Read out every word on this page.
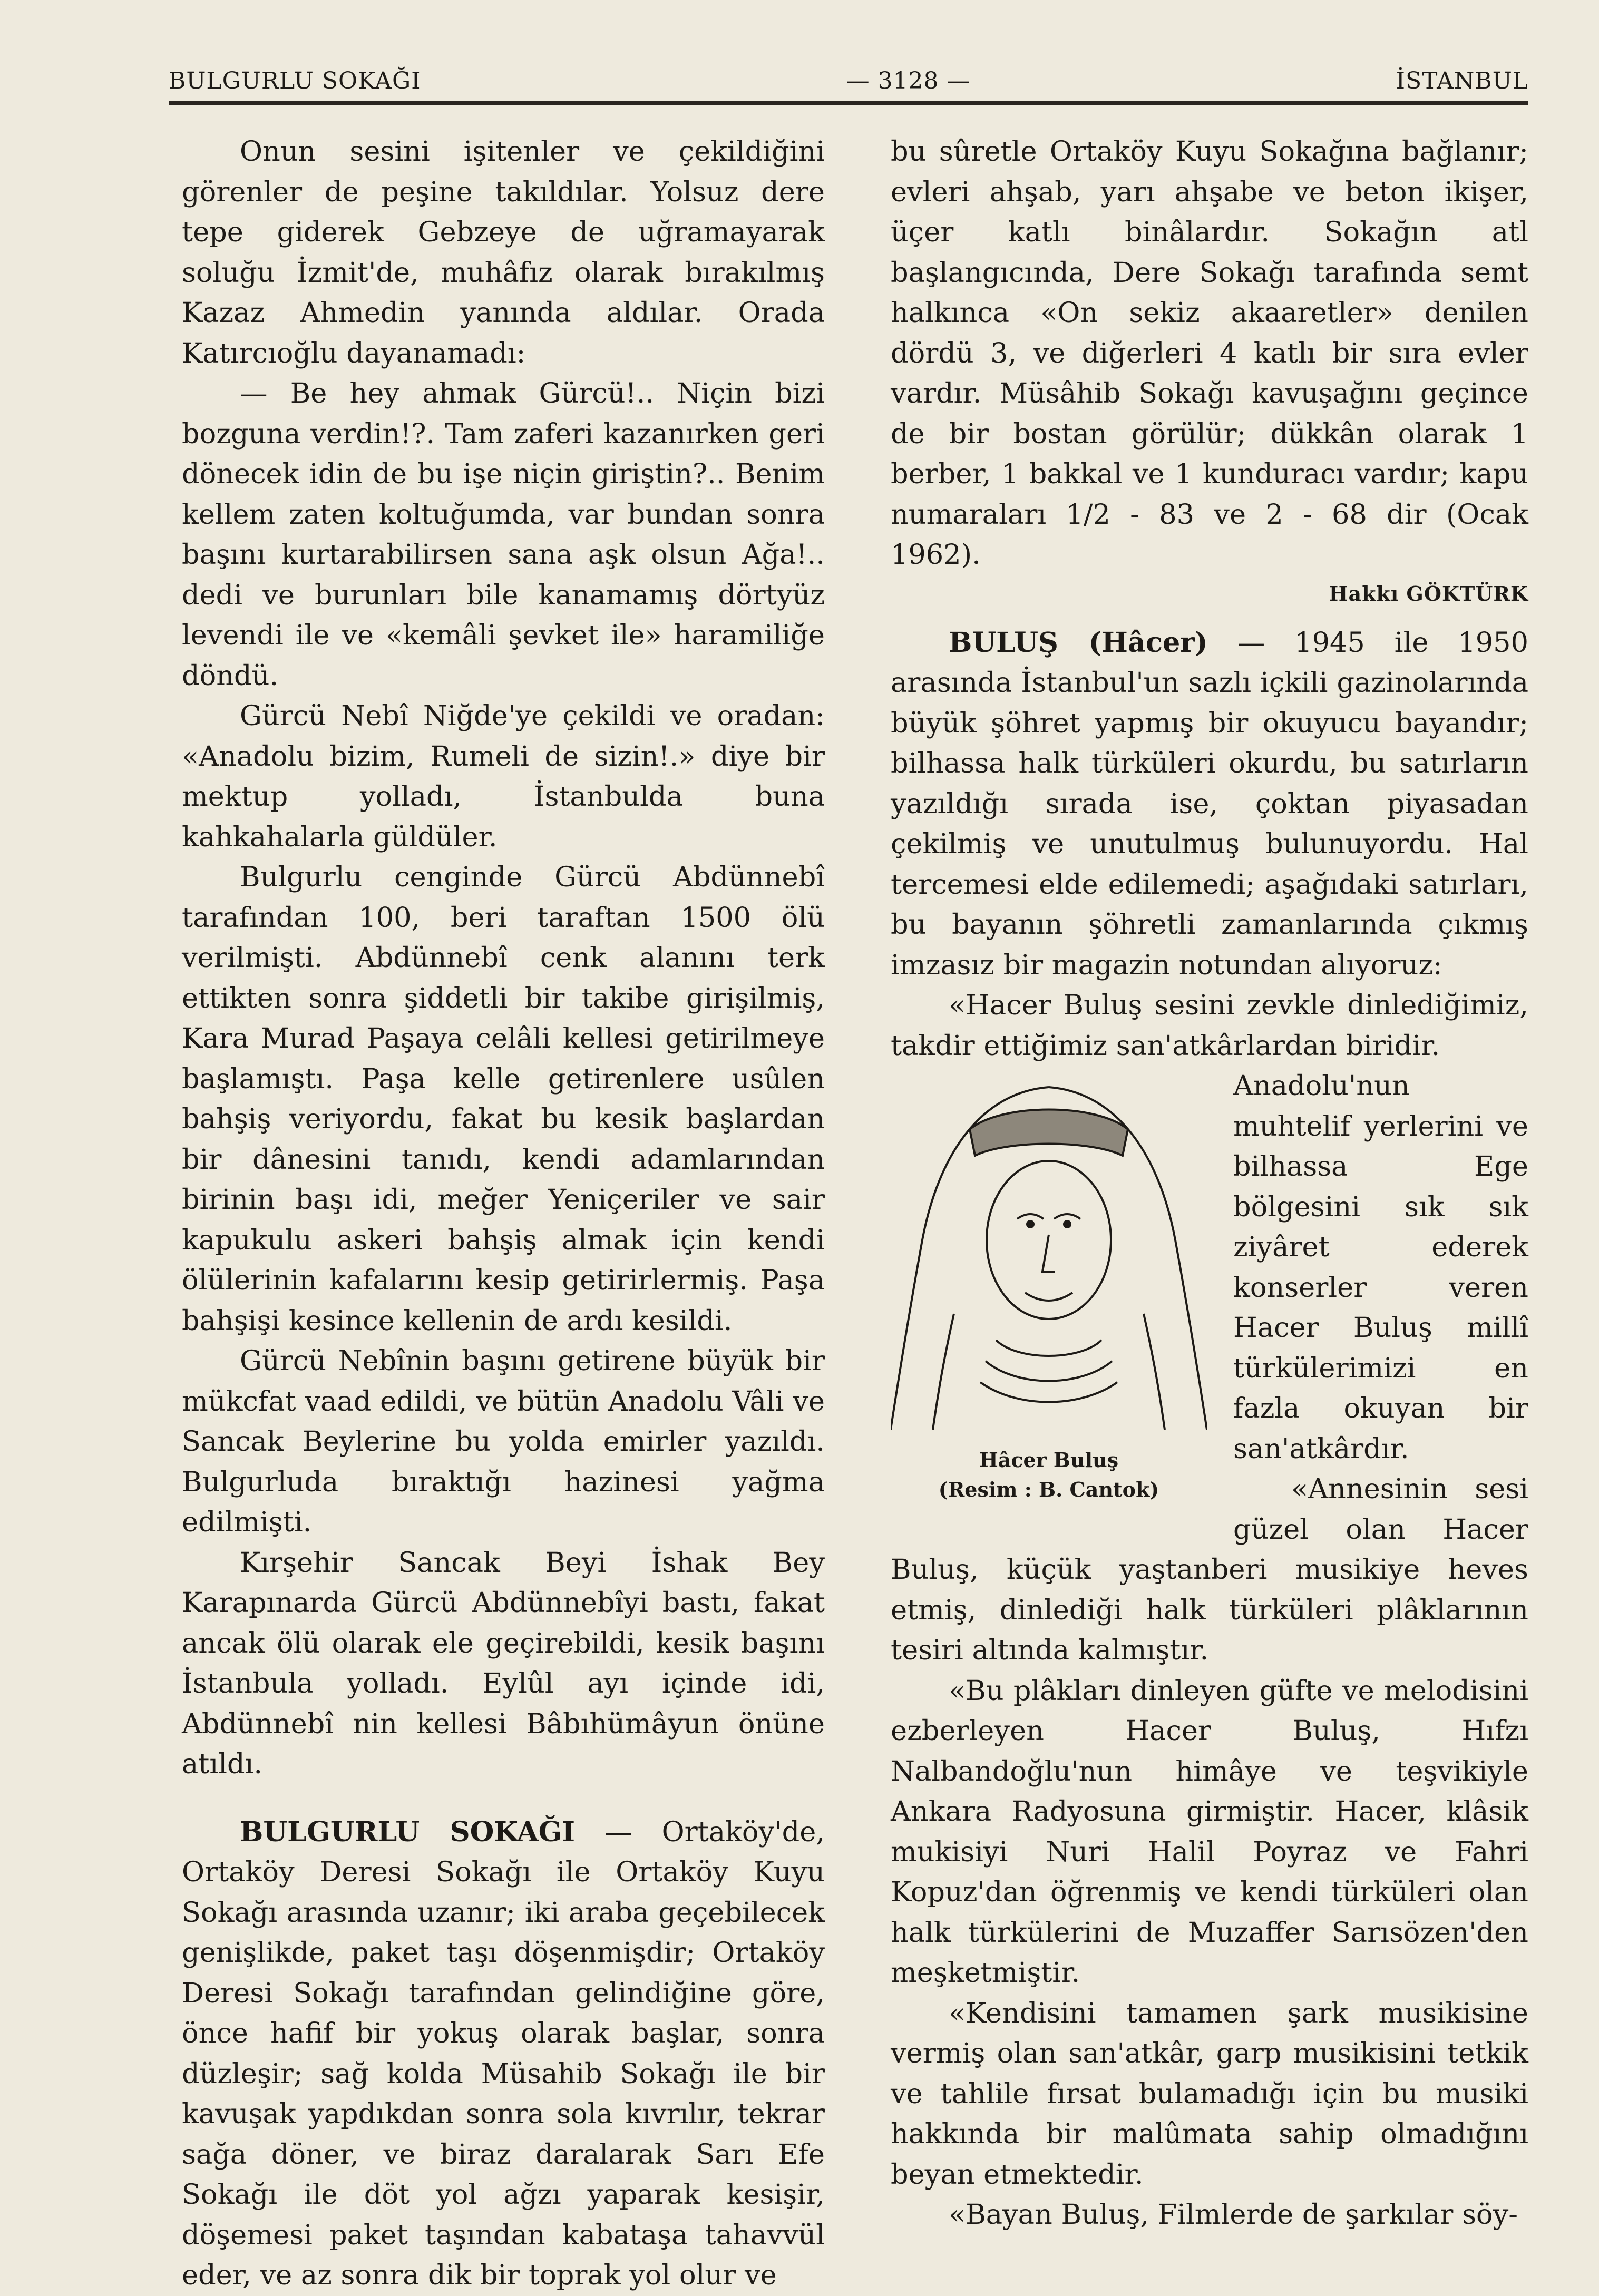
BULGURLU SOKAĞI	— 3128 —	İSTANBUL

Onun sesini işitenler ve çekildiğini görenler de peşine takıldılar. Yolsuz dere tepe giderek Gebzeye de uğramayarak soluğu İzmit'de, muhâfız olarak bırakılmış Kazaz Ahmedin yanında aldılar. Orada Katırcıoğlu dayanamadı:

— Be hey ahmak Gürcü!.. Niçin bizi bozguna verdin!?. Tam zaferi kazanırken geri dönecek idin de bu işe niçin giriştin?.. Benim kellem zaten koltuğumda, var bundan sonra başını kurtarabilirsen sana aşk olsun Ağa!.. dedi ve burunları bile kanamamış dörtyüz levendi ile ve «kemâli şevket ile» haramiliğe döndü.

Gürcü Nebî Niğde'ye çekildi ve oradan: «Anadolu bizim, Rumeli de sizin!.» diye bir mektup yolladı, İstanbulda buna kahkahalarla güldüler.

Bulgurlu cenginde Gürcü Abdünnebî tarafından 100, beri taraftan 1500 ölü verilmişti. Abdünnebî cenk alanını terk ettikten sonra şiddetli bir takibe girişilmiş, Kara Murad Paşaya celâli kellesi getirilmeye başlamıştı. Paşa kelle getirenlere usûlen bahşiş veriyordu, fakat bu kesik başlardan bir dânesini tanıdı, kendi adamlarından birinin başı idi, meğer Yeniçeriler ve sair kapukulu askeri bahşiş almak için kendi ölülerinin kafalarını kesip getirirlermiş. Paşa bahşişi kesince kellenin de ardı kesildi.

Gürcü Nebînin başını getirene büyük bir mükcfat vaad edildi, ve bütün Anadolu Vâli ve Sancak Beylerine bu yolda emirler yazıldı. Bulgurluda bıraktığı hazinesi yağma edilmişti.

Kırşehir Sancak Beyi İshak Bey Karapınarda Gürcü Abdünnebîyi bastı, fakat ancak ölü olarak ele geçirebildi, kesik başını İstanbula yolladı. Eylûl ayı içinde idi, Abdünnebî nin kellesi Bâbıhümâyun önüne atıldı.

BULGURLU SOKAĞI — Ortaköy'de, Ortaköy Deresi Sokağı ile Ortaköy Kuyu Sokağı arasında uzanır; iki araba geçebilecek genişlikde, paket taşı döşenmişdir; Ortaköy Deresi Sokağı tarafından gelindiğine göre, önce hafif bir yokuş olarak başlar, sonra düzleşir; sağ kolda Müsahib Sokağı ile bir kavuşak yapdıkdan sonra sola kıvrılır, tekrar sağa döner, ve biraz daralarak Sarı Efe Sokağı ile döt yol ağzı yaparak kesişir, döşemesi paket taşından kabataşa tahavvül eder, ve az sonra dik bir toprak yol olur ve

bu sûretle Ortaköy Kuyu Sokağına bağlanır; evleri ahşab, yarı ahşabe ve beton ikişer, üçer katlı binâlardır. Sokağın atl başlangıcında, Dere Sokağı tarafında semt halkınca «On sekiz akaaretler» denilen dördü 3, ve diğerleri 4 katlı bir sıra evler vardır. Müsâhib Sokağı kavuşağını geçince de bir bostan görülür; dükkân olarak 1 berber, 1 bakkal ve 1 kunduracı vardır; kapu numaraları 1/2 - 83 ve 2 - 68 dir (Ocak 1962).

Hakkı GÖKTÜRK

BULUŞ (Hâcer) — 1945 ile 1950 arasında İstanbul'un sazlı içkili gazinolarında büyük şöhret yapmış bir okuyucu bayandır; bilhassa halk türküleri okurdu, bu satırların yazıldığı sırada ise, çoktan piyasadan çekilmiş ve unutulmuş bulunuyordu. Hal tercemesi elde edilemedi; aşağıdaki satırları, bu bayanın şöhretli zamanlarında çıkmış imzasız bir magazin notundan alıyoruz:

«Hacer Buluş sesini zevkle dinlediğimiz, takdir ettiğimiz san'atkârlardan biridir.

Hâcer Buluş
(Resim : B. Cantok)

Anadolu'nun muhtelif yerlerini ve bilhassa Ege bölgesini sık sık ziyâret ederek konserler veren Hacer Buluş millî türkülerimizi en fazla okuyan bir san'atkârdır.

«Annesinin sesi güzel olan Hacer Buluş, küçük yaştanberi musikiye heves etmiş, dinlediği halk türküleri plâklarının tesiri altında kalmıştır.

«Bu plâkları dinleyen güfte ve melodisini ezberleyen Hacer Buluş, Hıfzı Nalbandoğlu'nun himâye ve teşvikiyle Ankara Radyosuna girmiştir. Hacer, klâsik mukisiyi Nuri Halil Poyraz ve Fahri Kopuz'dan öğrenmiş ve kendi türküleri olan halk türkülerini de Muzaffer Sarısözen'den meşketmiştir.

«Kendisini tamamen şark musikisine vermiş olan san'atkâr, garp musikisini tetkik ve tahlile fırsat bulamadığı için bu musiki hakkında bir malûmata sahip olmadığını beyan etmektedir.

«Bayan Buluş, Filmlerde de şarkılar söy-
